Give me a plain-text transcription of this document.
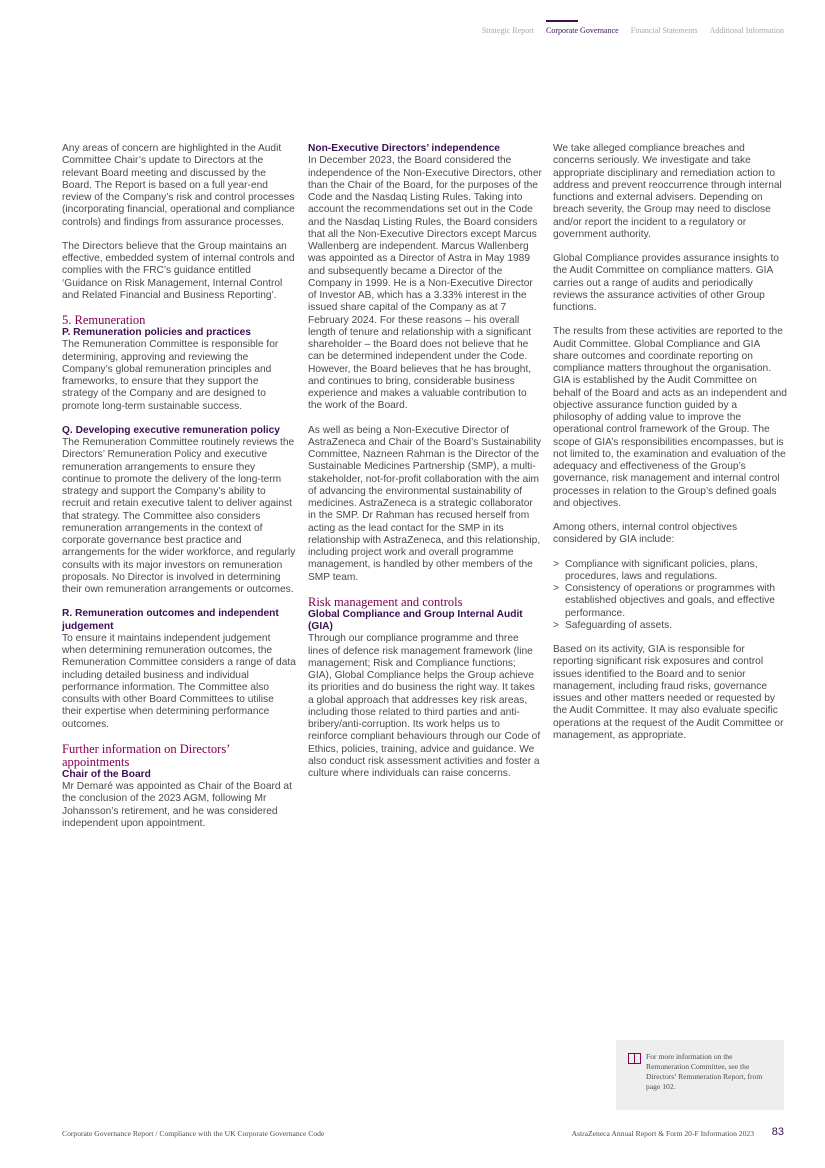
Strategic Report Corporate Governance Financial Statements Additional Information

Any areas of concern are highlighted in the Audit Committee Chair’s update to Directors at the relevant Board meeting and discussed by the Board. The Report is based on a full year-end review of the Company’s risk and control processes (incorporating financial, operational and compliance controls) and findings from assurance processes.

The Directors believe that the Group maintains an effective, embedded system of internal controls and complies with the FRC’s guidance entitled ‘Guidance on Risk Management, Internal Control and Related Financial and Business Reporting’.

5. Remuneration
P. Remuneration policies and practices

The Remuneration Committee is responsible for determining, approving and reviewing the Company’s global remuneration principles and frameworks, to ensure that they support the strategy of the Company and are designed to promote long-term sustainable success.

Q. Developing executive remuneration policy

The Remuneration Committee routinely reviews the Directors’ Remuneration Policy and executive remuneration arrangements to ensure they continue to promote the delivery of the long-term strategy and support the Company’s ability to recruit and retain executive talent to deliver against that strategy. The Committee also considers remuneration arrangements in the context of corporate governance best practice and arrangements for the wider workforce, and regularly consults with its major investors on remuneration proposals. No Director is involved in determining their own remuneration arrangements or outcomes.

R. Remuneration outcomes and independent judgement

To ensure it maintains independent judgement when determining remuneration outcomes, the Remuneration Committee considers a range of data including detailed business and individual performance information. The Committee also consults with other Board Committees to utilise their expertise when determining performance outcomes.

Further information on Directors’ appointments
Chair of the Board

Mr Demaré was appointed as Chair of the Board at the conclusion of the 2023 AGM, following Mr Johansson’s retirement, and he was considered independent upon appointment.

Non-Executive Directors’ independence

In December 2023, the Board considered the independence of the Non-Executive Directors, other than the Chair of the Board, for the purposes of the Code and the Nasdaq Listing Rules. Taking into account the recommendations set out in the Code and the Nasdaq Listing Rules, the Board considers that all the Non-Executive Directors except Marcus Wallenberg are independent. Marcus Wallenberg was appointed as a Director of Astra in May 1989 and subsequently became a Director of the Company in 1999. He is a Non-Executive Director of Investor AB, which has a 3.33% interest in the issued share capital of the Company as at 7 February 2024. For these reasons – his overall length of tenure and relationship with a significant shareholder – the Board does not believe that he can be determined independent under the Code. However, the Board believes that he has brought, and continues to bring, considerable business experience and makes a valuable contribution to the work of the Board.

As well as being a Non-Executive Director of AstraZeneca and Chair of the Board’s Sustainability Committee, Nazneen Rahman is the Director of the Sustainable Medicines Partnership (SMP), a multi-stakeholder, not-for-profit collaboration with the aim of advancing the environmental sustainability of medicines. AstraZeneca is a strategic collaborator in the SMP. Dr Rahman has recused herself from acting as the lead contact for the SMP in its relationship with AstraZeneca, and this relationship, including project work and overall programme management, is handled by other members of the SMP team.

Risk management and controls
Global Compliance and Group Internal Audit (GIA)

Through our compliance programme and three lines of defence risk management framework (line management; Risk and Compliance functions; GIA), Global Compliance helps the Group achieve its priorities and do business the right way. It takes a global approach that addresses key risk areas, including those related to third parties and anti-bribery/anti-corruption. Its work helps us to reinforce compliant behaviours through our Code of Ethics, policies, training, advice and guidance. We also conduct risk assessment activities and foster a culture where individuals can raise concerns.

We take alleged compliance breaches and concerns seriously. We investigate and take appropriate disciplinary and remediation action to address and prevent reoccurrence through internal functions and external advisers. Depending on breach severity, the Group may need to disclose and/or report the incident to a regulatory or government authority.

Global Compliance provides assurance insights to the Audit Committee on compliance matters. GIA carries out a range of audits and periodically reviews the assurance activities of other Group functions.

The results from these activities are reported to the Audit Committee. Global Compliance and GIA share outcomes and coordinate reporting on compliance matters throughout the organisation. GIA is established by the Audit Committee on behalf of the Board and acts as an independent and objective assurance function guided by a philosophy of adding value to improve the operational control framework of the Group. The scope of GIA’s responsibilities encompasses, but is not limited to, the examination and evaluation of the adequacy and effectiveness of the Group’s governance, risk management and internal control processes in relation to the Group’s defined goals and objectives.

Among others, internal control objectives considered by GIA include:

> Compliance with significant policies, plans, procedures, laws and regulations.
> Consistency of operations or programmes with established objectives and goals, and effective performance.
> Safeguarding of assets.

Based on its activity, GIA is responsible for reporting significant risk exposures and control issues identified to the Board and to senior management, including fraud risks, governance issues and other matters needed or requested by the Audit Committee. It may also evaluate specific operations at the request of the Audit Committee or management, as appropriate.

For more information on the Remuneration Committee, see the Directors’ Remuneration Report, from page 102.
Corporate Governance Report / Compliance with the UK Corporate Governance Code	AstraZeneca Annual Report & Form 20-F Information 2023 83
